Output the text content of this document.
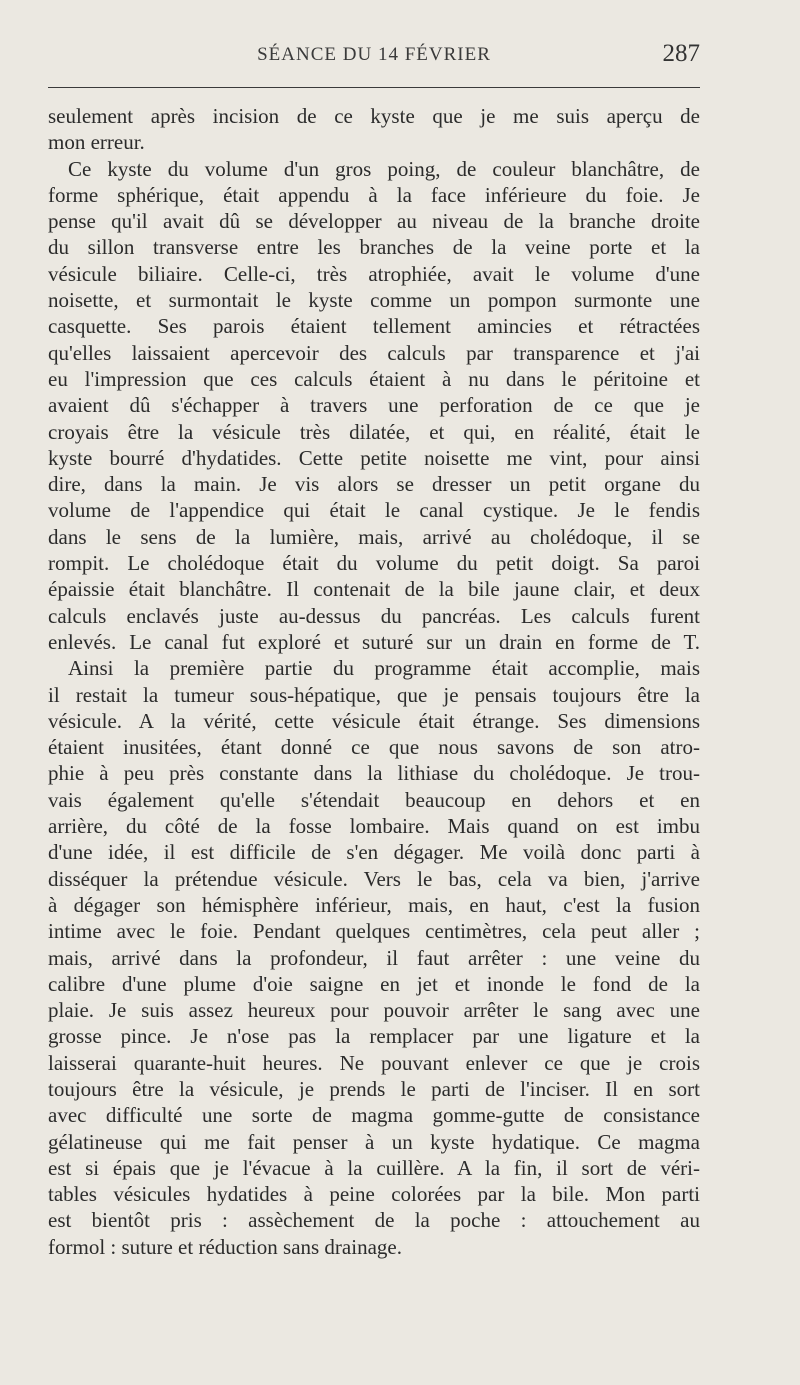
SÉANCE DU 14 FÉVRIER	287
seulement après incision de ce kyste que je me suis aperçu de
mon erreur.
Ce kyste du volume d'un gros poing, de couleur blanchâtre, de
forme sphérique, était appendu à la face inférieure du foie. Je
pense qu'il avait dû se développer au niveau de la branche droite
du sillon transverse entre les branches de la veine porte et la
vésicule biliaire. Celle-ci, très atrophiée, avait le volume d'une
noisette, et surmontait le kyste comme un pompon surmonte une
casquette. Ses parois étaient tellement amincies et rétractées
qu'elles laissaient apercevoir des calculs par transparence et j'ai
eu l'impression que ces calculs étaient à nu dans le péritoine et
avaient dû s'échapper à travers une perforation de ce que je
croyais être la vésicule très dilatée, et qui, en réalité, était le
kyste bourré d'hydatides. Cette petite noisette me vint, pour ainsi
dire, dans la main. Je vis alors se dresser un petit organe du
volume de l'appendice qui était le canal cystique. Je le fendis
dans le sens de la lumière, mais, arrivé au cholédoque, il se
rompit. Le cholédoque était du volume du petit doigt. Sa paroi
épaissie était blanchâtre. Il contenait de la bile jaune clair, et deux
calculs enclavés juste au-dessus du pancréas. Les calculs furent
enlevés. Le canal fut exploré et suturé sur un drain en forme de T.
Ainsi la première partie du programme était accomplie, mais
il restait la tumeur sous-hépatique, que je pensais toujours être la
vésicule. A la vérité, cette vésicule était étrange. Ses dimensions
étaient inusitées, étant donné ce que nous savons de son atro-
phie à peu près constante dans la lithiase du cholédoque. Je trou-
vais également qu'elle s'étendait beaucoup en dehors et en
arrière, du côté de la fosse lombaire. Mais quand on est imbu
d'une idée, il est difficile de s'en dégager. Me voilà donc parti à
disséquer la prétendue vésicule. Vers le bas, cela va bien, j'arrive
à dégager son hémisphère inférieur, mais, en haut, c'est la fusion
intime avec le foie. Pendant quelques centimètres, cela peut aller ;
mais, arrivé dans la profondeur, il faut arrêter : une veine du
calibre d'une plume d'oie saigne en jet et inonde le fond de la
plaie. Je suis assez heureux pour pouvoir arrêter le sang avec une
grosse pince. Je n'ose pas la remplacer par une ligature et la
laisserai quarante-huit heures. Ne pouvant enlever ce que je crois
toujours être la vésicule, je prends le parti de l'inciser. Il en sort
avec difficulté une sorte de magma gomme-gutte de consistance
gélatineuse qui me fait penser à un kyste hydatique. Ce magma
est si épais que je l'évacue à la cuillère. A la fin, il sort de véri-
tables vésicules hydatides à peine colorées par la bile. Mon parti
est bientôt pris : assèchement de la poche : attouchement au
formol : suture et réduction sans drainage.
